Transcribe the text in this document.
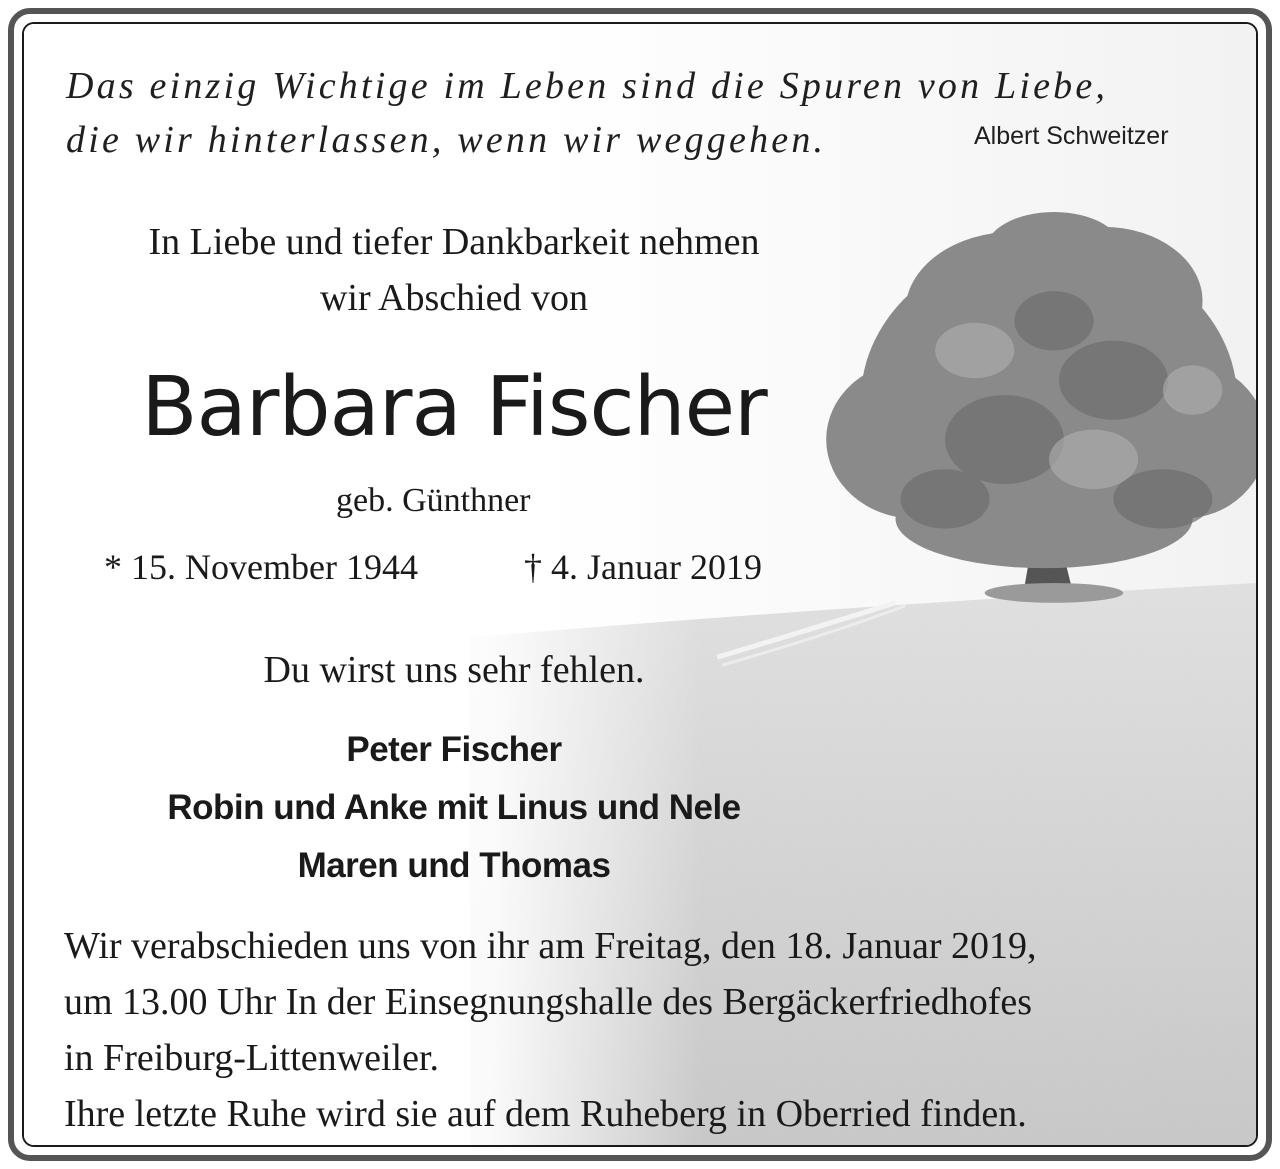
Das einzig Wichtige im Leben sind die Spuren von Liebe,
die wir hinterlassen, wenn wir weggehen.	Albert Schweitzer
In Liebe und tiefer Dankbarkeit nehmen
wir Abschied von
Barbara Fischer
geb. Günthner
* 15. November 1944	† 4. Januar 2019
Du wirst uns sehr fehlen.
Peter Fischer
Robin und Anke mit Linus und Nele
Maren und Thomas
Wir verabschieden uns von ihr am Freitag, den 18. Januar 2019,
um 13.00 Uhr In der Einsegnungshalle des Bergäckerfriedhofes
in Freiburg-Littenweiler.
Ihre letzte Ruhe wird sie auf dem Ruheberg in Oberried finden.
